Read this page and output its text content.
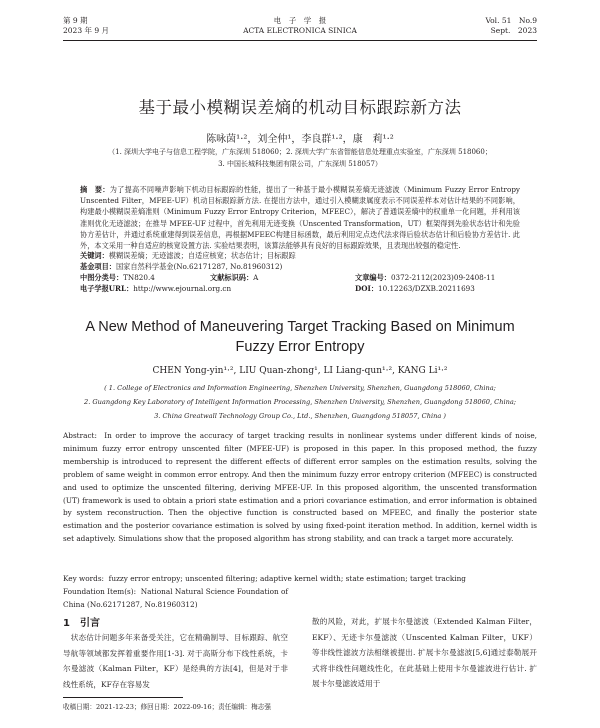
第 9 期
2023 年 9 月
电　子　学　报
ACTA ELECTRONICA SINICA
Vol. 51　No.9
Sept.　2023
基于最小模糊误差熵的机动目标跟踪新方法
陈咏茵¹·²，刘全仲¹，李良群¹·²，康　莉¹·²
（1. 深圳大学电子与信息工程学院，广东深圳 518060；2. 深圳大学广东省智能信息处理重点实验室，广东深圳 518060；
3. 中国长城科技集团有限公司，广东深圳 518057）
摘　要：为了提高不同噪声影响下机动目标跟踪的性能，提出了一种基于最小模糊误差熵无迹滤波（Minimum Fuzzy Error Entropy Unscented Filter，MFEE-UF）机动目标跟踪新方法. 在提出方法中，通过引入模糊隶属度表示不同误差样本对估计结果的不同影响，构建最小模糊误差熵准则（Minimum Fuzzy Error Entropy Criterion，MFEEC），解决了普通误差熵中的权重单一化问题，并利用该准则优化无迹滤波；在推导 MFEE-UF 过程中，首先利用无迹变换（Unscented Transformation，UT）框架得到先验状态估计和先验协方差估计，并通过系统重建得到误差信息，再根据MFEEC构建目标函数，最后利用定点迭代法求得后验状态估计和后验协方差估计. 此外，本文采用一种自适应的核宽设置方法. 实验结果表明，该算法能够具有良好的目标跟踪效果，且表现出较强的稳定性.
关键词：模糊误差熵；无迹滤波；自适应核宽；状态估计；目标跟踪
基金项目：国家自然科学基金(No.62171287, No.81960312)
中图分类号：TN820.4	文献标识码：A	文章编号：0372-2112(2023)09-2408-11
电子学报URL：http://www.ejournal.org.cn	DOI：10.12263/DZXB.20211693
A New Method of Maneuvering Target Tracking Based on Minimum
Fuzzy Error Entropy
CHEN Yong-yin¹·², LIU Quan-zhong¹, LI Liang-qun¹·², KANG Li¹·²
( 1. College of Electronics and Information Engineering, Shenzhen University, Shenzhen, Guangdong 518060, China;
2. Guangdong Key Laboratory of Intelligent Information Processing, Shenzhen University, Shenzhen, Guangdong 518060, China;
3. China Greatwall Technology Group Co., Ltd., Shenzhen, Guangdong 518057, China )
Abstract: In order to improve the accuracy of target tracking results in nonlinear systems under different kinds of noise, minimum fuzzy error entropy unscented filter (MFEE-UF) is proposed in this paper. In this proposed method, the fuzzy membership is introduced to represent the different effects of different error samples on the estimation results, solving the problem of same weight in common error entropy. And then the minimum fuzzy error entropy criterion (MFEEC) is constructed and used to optimize the unscented filtering, deriving MFEE-UF. In this proposed algorithm, the unscented transformation (UT) framework is used to obtain a priori state estimation and a priori covariance estimation, and error information is obtained by system reconstruction. Then the objective function is constructed based on MFEEC, and finally the posterior state estimation and the posterior covariance estimation is solved by using fixed-point iteration method. In addition, kernel width is set adaptively. Simulations show that the proposed algorithm has strong stability, and can track a target more accurately.
Key words: fuzzy error entropy; unscented filtering; adaptive kernel width; state estimation; target tracking
1　引言
　状态估计问题多年来备受关注，它在精确制导、目标跟踪、航空导航等领域都发挥着重要作用[1-3]. 对于高斯分布下线性系统，卡尔曼滤波（Kalman Filter，KF）是经典的方法[4]，但是对于非线性系统，KF存在容易发
Foundation Item(s): National Natural Science Foundation of China (No.62171287, No.81960312)
散的风险，对此，扩展卡尔曼滤波（Extended Kalman Filter，EKF）、无迹卡尔曼滤波（Unscented Kalman Filter，UKF）等非线性滤波方法相继被提出. 扩展卡尔曼滤波[5,6]通过泰勒展开式将非线性问题线性化，在此基础上使用卡尔曼滤波进行估计. 扩展卡尔曼滤波适用于
收稿日期：2021-12-23；修回日期：2022-09-16；责任编辑：梅志强
